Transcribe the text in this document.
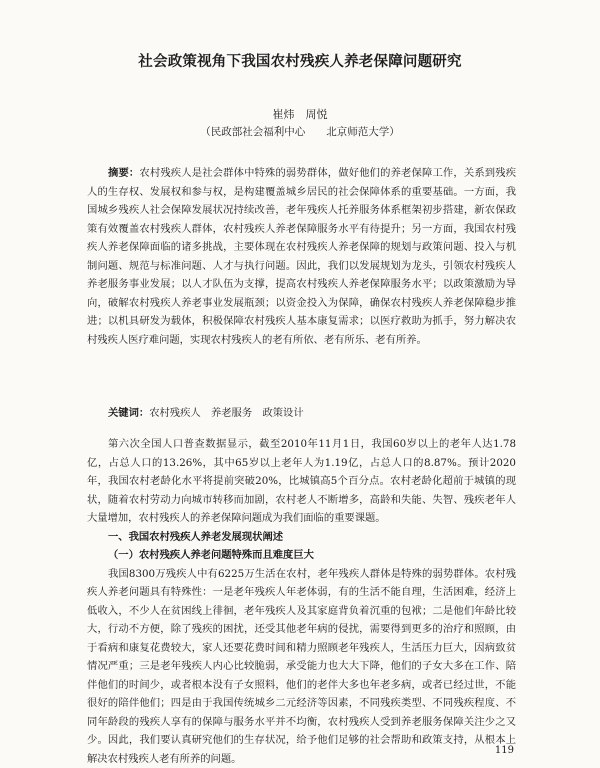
社会政策视角下我国农村残疾人养老保障问题研究
崔炜　周悦
（民政部社会福利中心　　北京师范大学）
摘要：农村残疾人是社会群体中特殊的弱势群体，做好他们的养老保障工作，关系到残疾人的生存权、发展权和参与权，是构建覆盖城乡居民的社会保障体系的重要基础。一方面，我国城乡残疾人社会保障发展状况持续改善，老年残疾人托养服务体系框架初步搭建，新农保政策有效覆盖农村残疾人群体，农村残疾人养老保障服务水平有待提升；另一方面，我国农村残疾人养老保障面临的诸多挑战，主要体现在农村残疾人养老保障的规划与政策问题、投入与机制问题、规范与标准问题、人才与执行问题。因此，我们以发展规划为龙头，引领农村残疾人养老服务事业发展；以人才队伍为支撑，提高农村残疾人养老保障服务水平；以政策激励为导向，破解农村残疾人养老事业发展瓶颈；以资金投入为保障，确保农村残疾人养老保障稳步推进；以机具研发为载体，积极保障农村残疾人基本康复需求；以医疗救助为抓手，努力解决农村残疾人医疗难问题，实现农村残疾人的老有所依、老有所乐、老有所养。
关键词：农村残疾人　养老服务　政策设计

第六次全国人口普查数据显示，截至2010年11月1日，我国60岁以上的老年人达1.78亿，占总人口的13.26%，其中65岁以上老年人为1.19亿，占总人口的8.87%。预计2020年，我国农村老龄化水平将提前突破20%，比城镇高5个百分点。农村老龄化超前于城镇的现状，随着农村劳动力向城市转移而加剧，农村老人不断增多，高龄和失能、失智、残疾老年人大量增加，农村残疾人的养老保障问题成为我们面临的重要课题。

一、我国农村残疾人养老发展现状阐述
（一）农村残疾人养老问题特殊而且难度巨大

我国8300万残疾人中有6225万生活在农村，老年残疾人群体是特殊的弱势群体。农村残疾人养老问题具有特殊性：一是老年残疾人年老体弱，有的生活不能自理，生活困难，经济上低收入，不少人在贫困线上徘徊，老年残疾人及其家庭背负着沉重的包袱；二是他们年龄比较大，行动不方便，除了残疾的困扰，还受其他老年病的侵扰，需要得到更多的治疗和照顾，由于看病和康复花费较大，家人还要花费时间和精力照顾老年残疾人，生活压力巨大，因病致贫情况严重；三是老年残疾人内心比较脆弱，承受能力也大大下降，他们的子女大多在工作、陪伴他们的时间少，或者根本没有子女照料，他们的老伴大多也年老多病，或者已经过世，不能很好的陪伴他们；四是由于我国传统城乡二元经济等因素，不同残疾类型、不同残疾程度、不同年龄段的残疾人享有的保障与服务水平并不均衡，农村残疾人受到养老服务保障关注少之又少。因此，我们要认真研究他们的生存状况，给予他们足够的社会帮助和政策支持，从根本上解决农村残疾人老有所养的问题。

119
